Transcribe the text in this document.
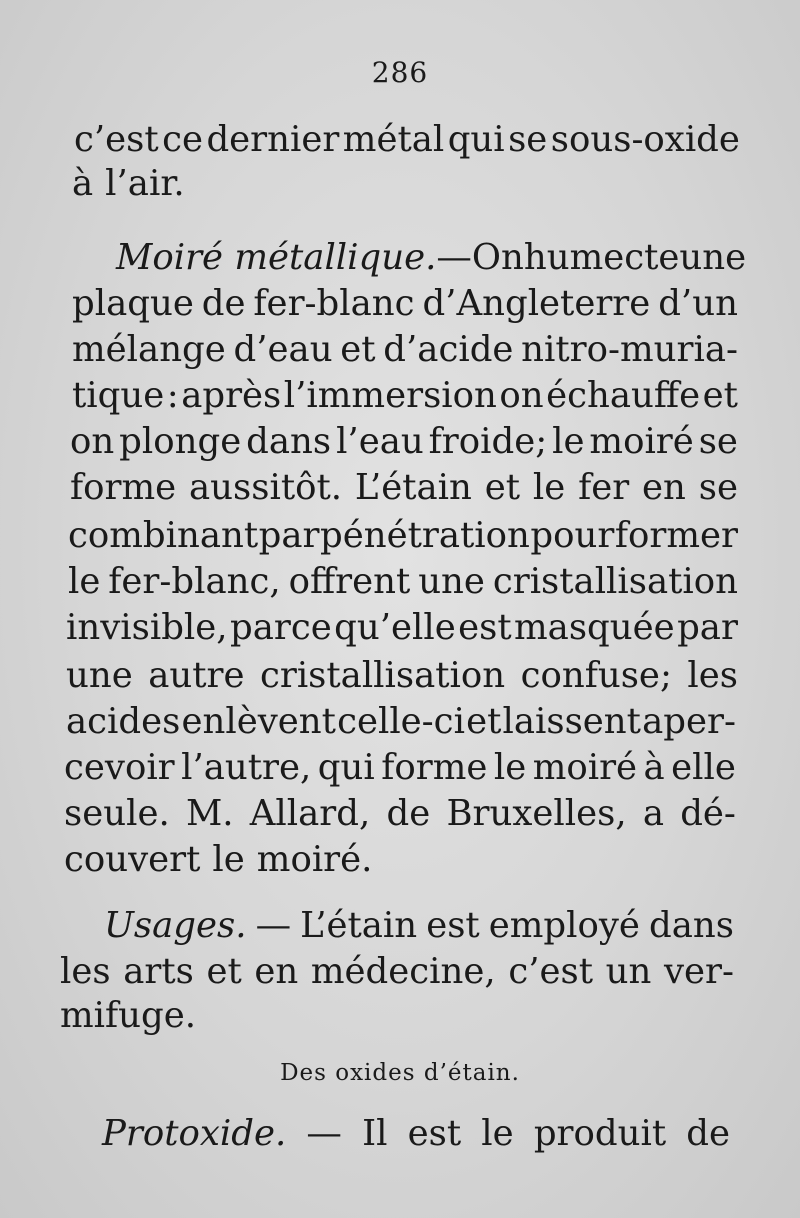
286
c’est ce dernier métal qui se sous-oxide
à l’air.
Moiré métallique. — On humecte une
plaque de fer-blanc d’Angleterre d’un
mélange d’eau et d’acide nitro-muria-
tique : après l’immersion on échauffe et
on plonge dans l’eau froide; le moiré se
forme aussitôt. L’étain et le fer en se
combinant par pénétration pour former
le fer-blanc, offrent une cristallisation
invisible, parce qu’elle est masquée par
une autre cristallisation confuse; les
acides enlèvent celle-ci et laissent aper-
cevoir l’autre, qui forme le moiré à elle
seule. M. Allard, de Bruxelles, a dé-
couvert le moiré.
Usages. — L’étain est employé dans
les arts et en médecine, c’est un ver-
mifuge.
Des oxides d’étain.
Protoxide. — Il est le produit de
